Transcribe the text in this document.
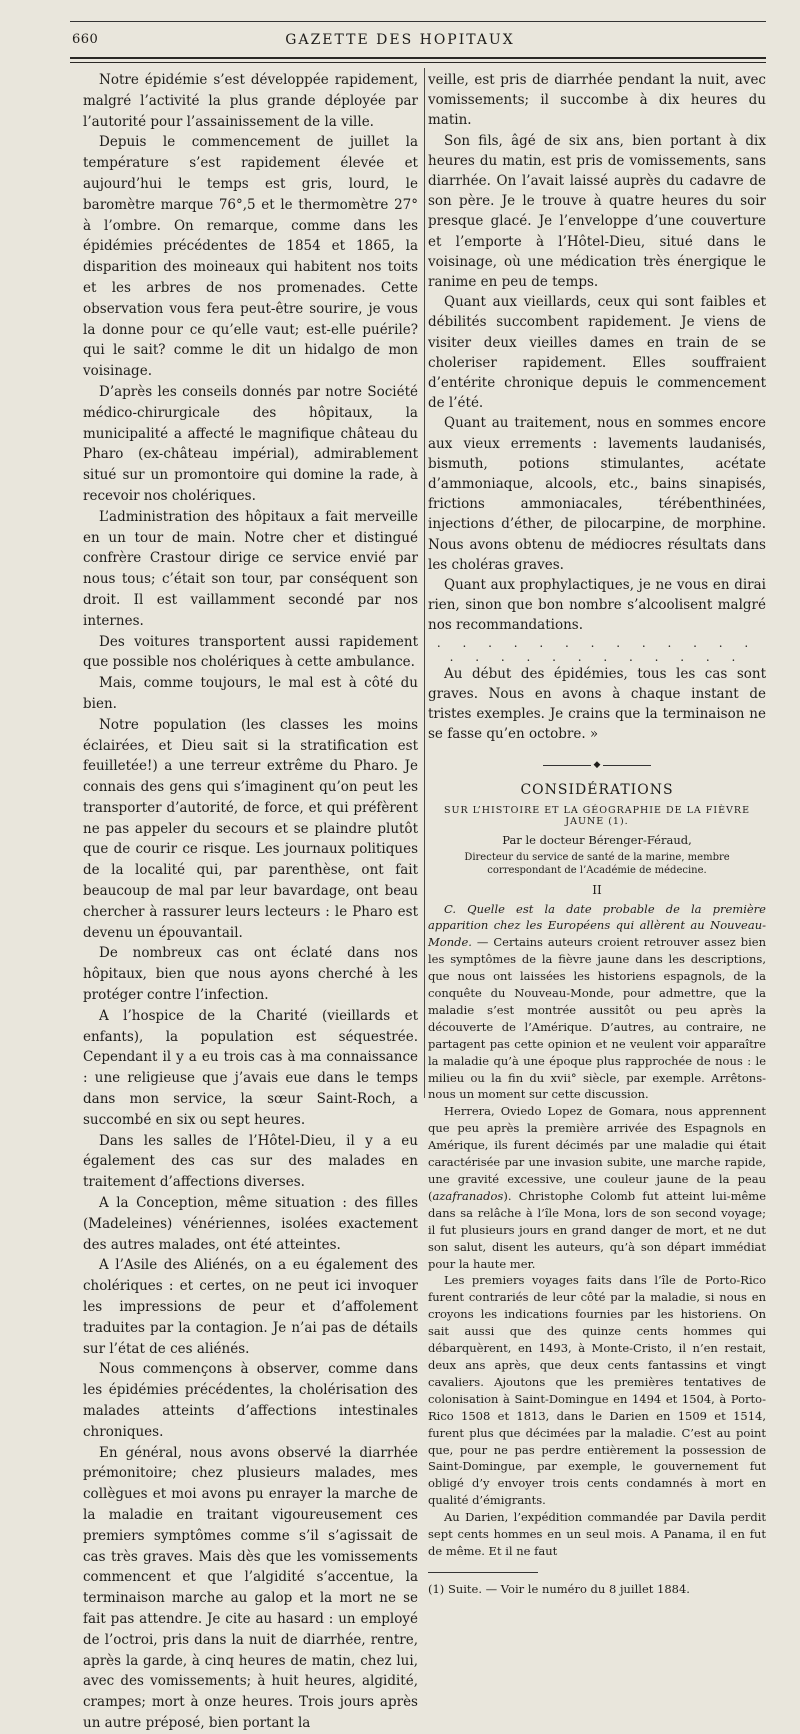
660	GAZETTE DES HOPITAUX

Notre épidémie s’est développée rapidement, malgré l’activité la plus grande déployée par l’autorité pour l’assainissement de la ville.

Depuis le commencement de juillet la température s’est rapidement élevée et aujourd’hui le temps est gris, lourd, le baromètre marque 76°,5 et le thermomètre 27° à l’ombre. On remarque, comme dans les épidémies précédentes de 1854 et 1865, la disparition des moineaux qui habitent nos toits et les arbres de nos promenades. Cette observation vous fera peut-être sourire, je vous la donne pour ce qu’elle vaut; est-elle puérile? qui le sait? comme le dit un hidalgo de mon voisinage.

D’après les conseils donnés par notre Société médico-chirurgicale des hôpitaux, la municipalité a affecté le magnifique château du Pharo (ex-château impérial), admirablement situé sur un promontoire qui domine la rade, à recevoir nos cholériques.

L’administration des hôpitaux a fait merveille en un tour de main. Notre cher et distingué confrère Crastour dirige ce service envié par nous tous; c’était son tour, par conséquent son droit. Il est vaillamment secondé par nos internes.

Des voitures transportent aussi rapidement que possible nos cholériques à cette ambulance.

Mais, comme toujours, le mal est à côté du bien.

Notre population (les classes les moins éclairées, et Dieu sait si la stratification est feuilletée!) a une terreur extrême du Pharo. Je connais des gens qui s’imaginent qu’on peut les transporter d’autorité, de force, et qui préfèrent ne pas appeler du secours et se plaindre plutôt que de courir ce risque. Les journaux politiques de la localité qui, par parenthèse, ont fait beaucoup de mal par leur bavardage, ont beau chercher à rassurer leurs lecteurs : le Pharo est devenu un épouvantail.

De nombreux cas ont éclaté dans nos hôpitaux, bien que nous ayons cherché à les protéger contre l’infection.

A l’hospice de la Charité (vieillards et enfants), la population est séquestrée. Cependant il y a eu trois cas à ma connaissance : une religieuse que j’avais eue dans le temps dans mon service, la sœur Saint-Roch, a succombé en six ou sept heures.

Dans les salles de l’Hôtel-Dieu, il y a eu également des cas sur des malades en traitement d’affections diverses.

A la Conception, même situation : des filles (Madeleines) vénériennes, isolées exactement des autres malades, ont été atteintes.

A l’Asile des Aliénés, on a eu également des cholériques : et certes, on ne peut ici invoquer les impressions de peur et d’affolement traduites par la contagion. Je n’ai pas de détails sur l’état de ces aliénés.

Nous commençons à observer, comme dans les épidémies précédentes, la cholérisation des malades atteints d’affections intestinales chroniques.

En général, nous avons observé la diarrhée prémonitoire; chez plusieurs malades, mes collègues et moi avons pu enrayer la marche de la maladie en traitant vigoureusement ces premiers symptômes comme s’il s’agissait de cas très graves. Mais dès que les vomissements commencent et que l’algidité s’accentue, la terminaison marche au galop et la mort ne se fait pas attendre. Je cite au hasard : un employé de l’octroi, pris dans la nuit de diarrhée, rentre, après la garde, à cinq heures de matin, chez lui, avec des vomissements; à huit heures, algidité, crampes; mort à onze heures. Trois jours après un autre préposé, bien portant la

veille, est pris de diarrhée pendant la nuit, avec vomissements; il succombe à dix heures du matin.

Son fils, âgé de six ans, bien portant à dix heures du matin, est pris de vomissements, sans diarrhée. On l’avait laissé auprès du cadavre de son père. Je le trouve à quatre heures du soir presque glacé. Je l’enveloppe d’une couverture et l’emporte à l’Hôtel-Dieu, situé dans le voisinage, où une médication très énergique le ranime en peu de temps.

Quant aux vieillards, ceux qui sont faibles et débilités succombent rapidement. Je viens de visiter deux vieilles dames en train de se choleriser rapidement. Elles souffraient d’entérite chronique depuis le commencement de l’été.

Quant au traitement, nous en sommes encore aux vieux errements : lavements laudanisés, bismuth, potions stimulantes, acétate d’ammoniaque, alcools, etc., bains sinapisés, frictions ammoniacales, térébenthinées, injections d’éther, de pilocarpine, de morphine. Nous avons obtenu de médiocres résultats dans les choléras graves.

Quant aux prophylactiques, je ne vous en dirai rien, sinon que bon nombre s’alcoolisent malgré nos recommandations.

. . . . . . . . . . . . . . . . . . . . . . . . .

Au début des épidémies, tous les cas sont graves. Nous en avons à chaque instant de tristes exemples. Je crains que la terminaison ne se fasse qu’en octobre. »

◆
CONSIDÉRATIONS
SUR L’HISTOIRE ET LA GÉOGRAPHIE DE LA FIÈVRE JAUNE (1).
Par le docteur Bérenger-Féraud,
Directeur du service de santé de la marine, membre correspondant de l’Académie de médecine.
II

C. Quelle est la date probable de la première apparition chez les Européens qui allèrent au Nouveau-Monde. — Certains auteurs croient retrouver assez bien les symptômes de la fièvre jaune dans les descriptions, que nous ont laissées les historiens espagnols, de la conquête du Nouveau-Monde, pour admettre, que la maladie s’est montrée aussitôt ou peu après la découverte de l’Amérique. D’autres, au contraire, ne partagent pas cette opinion et ne veulent voir apparaître la maladie qu’à une époque plus rapprochée de nous : le milieu ou la fin du xvii° siècle, par exemple. Arrêtons-nous un moment sur cette discussion.

Herrera, Oviedo Lopez de Gomara, nous apprennent que peu après la première arrivée des Espagnols en Amérique, ils furent décimés par une maladie qui était caractérisée par une invasion subite, une marche rapide, une gravité excessive, une couleur jaune de la peau (azafranados). Christophe Colomb fut atteint lui-même dans sa relâche à l’île Mona, lors de son second voyage; il fut plusieurs jours en grand danger de mort, et ne dut son salut, disent les auteurs, qu’à son départ immédiat pour la haute mer.

Les premiers voyages faits dans l’île de Porto-Rico furent contrariés de leur côté par la maladie, si nous en croyons les indications fournies par les historiens. On sait aussi que des quinze cents hommes qui débarquèrent, en 1493, à Monte-Cristo, il n’en restait, deux ans après, que deux cents fantassins et vingt cavaliers. Ajoutons que les premières tentatives de colonisation à Saint-Domingue en 1494 et 1504, à Porto-Rico 1508 et 1813, dans le Darien en 1509 et 1514, furent plus que décimées par la maladie. C’est au point que, pour ne pas perdre entièrement la possession de Saint-Domingue, par exemple, le gouvernement fut obligé d’y envoyer trois cents condamnés à mort en qualité d’émigrants.

Au Darien, l’expédition commandée par Davila perdit sept cents hommes en un seul mois. A Panama, il en fut de même. Et il ne faut

(1) Suite. — Voir le numéro du 8 juillet 1884.
